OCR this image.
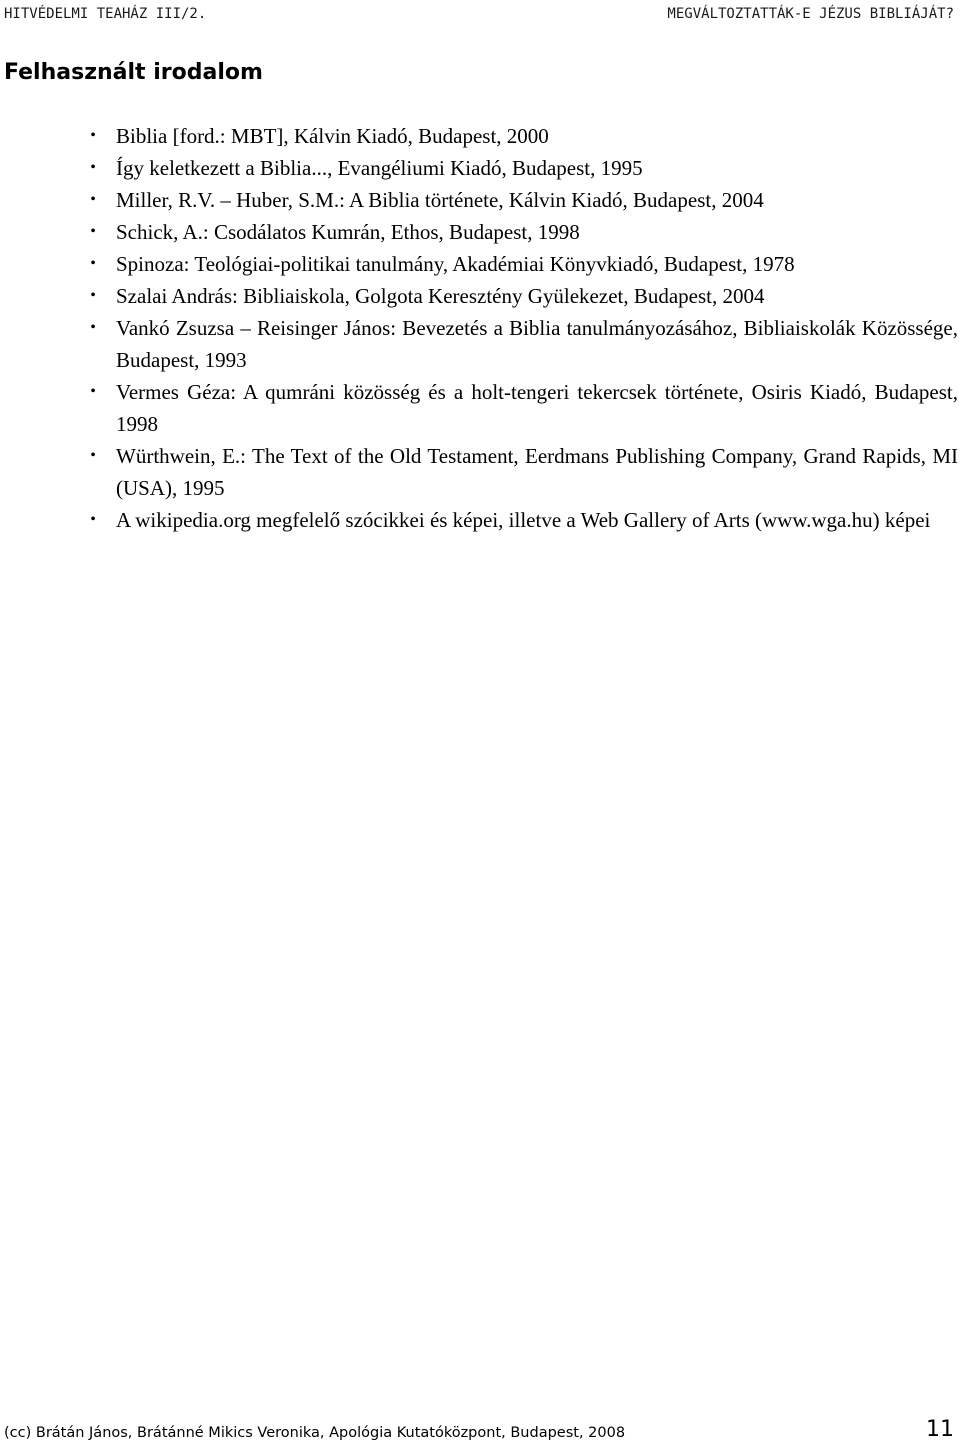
HITVÉDELMI TEAHÁZ III/2.	MEGVÁLTOZTATTÁK-E JÉZUS BIBLIÁJÁT?
Felhasznált irodalom
• Biblia [ford.: MBT], Kálvin Kiadó, Budapest, 2000
• Így keletkezett a Biblia..., Evangéliumi Kiadó, Budapest, 1995
• Miller, R.V. – Huber, S.M.: A Biblia története, Kálvin Kiadó, Budapest, 2004
• Schick, A.: Csodálatos Kumrán, Ethos, Budapest, 1998
• Spinoza: Teológiai-politikai tanulmány, Akadémiai Könyvkiadó, Budapest, 1978
• Szalai András: Bibliaiskola, Golgota Keresztény Gyülekezet, Budapest, 2004
• Vankó Zsuzsa – Reisinger János: Bevezetés a Biblia tanulmányozásához, Bibliaiskolák Közössége, Budapest, 1993
• Vermes Géza: A qumráni közösség és a holt-tengeri tekercsek története, Osiris Kiadó, Budapest, 1998
• Würthwein, E.: The Text of the Old Testament, Eerdmans Publishing Company, Grand Rapids, MI (USA), 1995
• A wikipedia.org megfelelő szócikkei és képei, illetve a Web Gallery of Arts (www.wga.hu) képei
(cc) Brátán János, Brátánné Mikics Veronika, Apológia Kutatóközpont, Budapest, 2008	11
